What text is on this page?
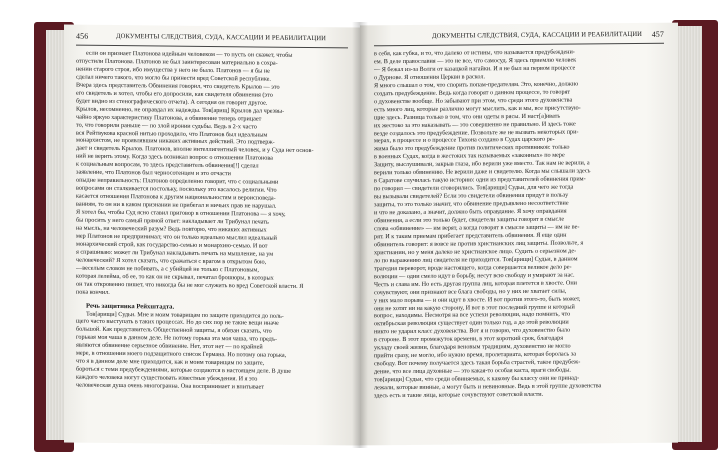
456	ДОКУМЕНТЫ СЛЕДСТВИЯ, СУДА, КАССАЦИИ И РЕАБИЛИТАЦИИ
если он признает Платонова идейным человеком — то пусть он скажет, чтобы
отпустили Платонова. Платонов не был заинтересован материально в сохра-
нении старого строя, ибо имущества у него не было. Платонов — я бы не
сделал ничего такого, что могло бы принести вред Советской республике.
Вчера здесь представитель Обвинения говорил, что свидетель Крылов — это
его свидетель и хотел, чтобы его допросили, как свидетеля обвинения (это
будет видно из стенографического отчета). А сегодня он говорит другое.
Крылов, несомненно, не оправдал их надежды. Тов[арищ] Крылов дал чрезвы-
чайно яркую характеристику Платонова, а обвинение теперь отрицает
то, что говорили раньше — по злой иронии судьбы. Ведь в 2-х часто
вся Рейтвукова красной нитью проходило, что Платонов был идеальным
монархистом, не проявлявшим никаких активных действий. Это подтверж-
дает и свидетель Крылов. Платонов, вполне интеллигентный человек, и у Суда нет основ-
ний не верить этому. Когда здесь возникал вопрос о отношении Платонова
к социальным вопросам, то здесь представитель обвинения[!] сделал
заявление, что Платонов был черносотенцем и это отчасти
опыдне неправильность: Платонов определенно говорит, что с социальными
вопросами он сталкивается постольку, поскольку это касалось религии. Что
касается отношения Платонова к другим национальностям и вероисповеда-
ваниям, то он ни в каком признании не прибегал и ничьих прав не нарушал.
Я хотел бы, чтобы Суд ясно ставил приговор в отношении Платонова — я хочу,
бы просить у него самый прямой ответ: накладывает ли Трибунал печать
на мысль, на человеческий разум? Ведь повторю, что никаких активных
мер Платонов не предпринимал; что он только идеально мыслил идеальный
монархический строй, как государство-семью и монархию-семью. И вот
я спрашиваю: может ли Трибунал накладывать печать на мышление, на ум
человеческий? Я хотел сказать, что сражаться с врагом в открытом бою,
—веселым словом не побивать, а с убийцей не только с Платоновым,
которая лелейма, об ее, то как он не скрывал, печатал брошюры, в которых
он так откровенно пишет, что никогда бы не мог служить во вред Советской власти. Я
пока кончил.
Речь защитника Рейхштадта.
Тов[арищи] Судьи. Мне и моим товарищам по защите приходится до поль-
щего часто выступать в таких процессах. Но до сих пор не такие вещи иначе
большой. Как представитель Общественной защиты, я обязан сказать, что
горькая моя чаша в данном деле. Не потому горька эта моя чаша, что предъ-
являются обвинение серьезное обвинение. Нет, этот нет — по крайней
мере, в отношении моего подзащитного список Германа. Но потому она горька,
что я в данном деле мне приходится, как и моим товарищам по защите,
бороться с теми предубеждениями, которые создаются в настоящем деле. В душе
каждого человека могут существовать известные убеждения. И я это
человеческая душа очень многогранна. Она воспринимает и впитывает
ДОКУМЕНТЫ СЛЕДСТВИЯ, СУДА, КАССАЦИИ И РЕАБИЛИТАЦИИ 457
в себя, как губка, и то, что далеко от истины, что называется предубеждени-
ем. В деле православия — это не все, что самосуд. Я здесь приемлю человек
— Я бежал из-за Волги от казацкой нагайки. И я не был на первом процессе
о Дурнове. Я отношения Церкви в раскол.
Я много слышал о том, что спорить попам-предателям. Это, конечно, должно
создать предубеждение. Ведь когда говорят о данном процессе, то говорят
о духовенстве вообще. Но забывают при этом, что среди этого духовенства
есть много лиц, которые различно могут мыслить, как и мы, все присутствую-
щие здесь. Разница только в том, что они одеты в рясы. И наст[а]ивать
их жестоко за это наказывать — это совершенно не правильно. И здесь тоже
везде создалось это предубеждение. Позвольте же не вызвать некоторых при-
мерах, в процессе и о процессе Тихона создано в Судах царского ре-
жима было это предубеждение против политических противников: только
в военных Судах, когда в жестоких так называемых «законных» по мере
Защиту, выслушивали, закрыв глаза, ибо верили уже вместо. Так нам не верили, а
верили только обвинению. Не верили даже и свидетелю. Когда мы слышали здесь
в Саратове случилась такую историю: одни из представителей обвинения прим-
по говорил — свидетели сговорились. Тов[арищи] Судьи, для чего же тогда
вы вызывали свидетелей? Если это свидетели обвинения придут в пользу
защиты, то это только значит, что обвинение предъявлено несоответствие
и что не доказано, а значит, должно быть оправдание. Я хочу оправдания
обвинения, а если это только будет, свидетели защиты говорят в смысле
слова «обвинение» — им верят, а когда говорят в смысле защиты — им не ве-
рят. И к таким приемам прибегает представитель обвинения. Я еще один
обвинитель говорит: я вовсе не против христианских лиц защиты. Позвольте, я
христианин, но у меня далеко не христианское лицо. Судить о серьезном де-
ло по выражению лиц свидетеля не приходится. Тов[арищи] Судьи, в данном
трагедия переворот, вроде настоящего, когда совершается великое дело ре-
волюции — одни смело идут в борьбу, несут всю свободу и умирают за нас.
Честь и слава им. Но есть другая группа лиц, которая плетется в хвосте. Они
сочувствуют, они признают все блага свободы, но у них не хватает силы,
у них мало порыва — и они идут в хвосте. И вот против этого-то, быть может,
они не хотят ни на какую сторону, И вот в этот последний группе и который
вопрос, находимы. Несмотря на все успехи революции, надо помнить, что
октябрьская революция существует один только год, а до этой революции
никто не ударил класс духовенства. Вот я и говорю, что духовенство было
в стороне. В этот промежуток времени, в этот короткий срок, благодаря
укладу своей жизни, благодаря веновым традициям, духовенство не могло
прийти сразу, не могло, ибо нужно время, пролетариата, которая боролась за
свободу. Вот почему получается здесь такая борьба страстей, такое предубеж-
дение, что все лица духовные — это какая-то особая каста, враги свободы.
тов[арищи] Судьи, что среди обвиняемых, к какому бы классу они не принад-
лежали, которые винные, а могут быть и невиновные. Ведь в этой группе духовенства
здесь есть и такие лица, которые сочувствуют советской власти.
